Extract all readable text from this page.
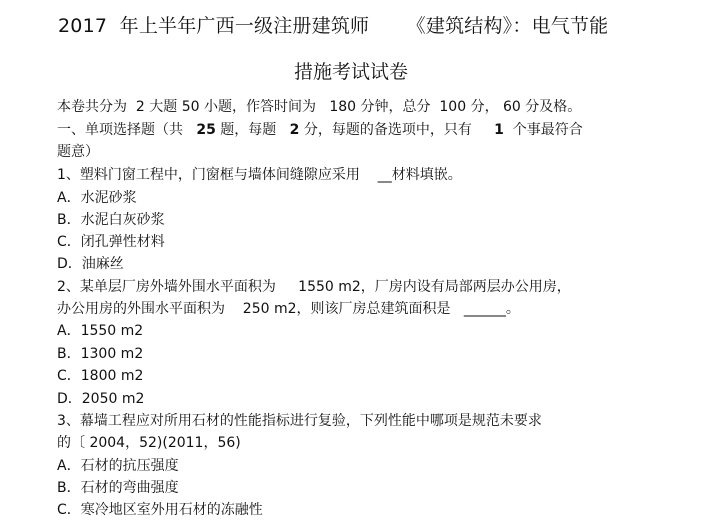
2017  年上半年广西一级注册建筑师      《建筑结构》：电气节能
措施考试试卷
本卷共分为  2 大题 50 小题，作答时间为   180 分钟，总分  100 分， 60 分及格。
一、单项选择题（共   25 题，每题   2 分，每题的备选项中，只有     1  个事最符合
题意）
1、塑料门窗工程中，门窗框与墙体间缝隙应采用    __材料填嵌。
A．水泥砂浆
B．水泥白灰砂浆
C．闭孔弹性材料
D．油麻丝
2、某单层厂房外墙外围水平面积为     1550 m2，厂房内设有局部两层办公用房，
办公用房的外围水平面积为    250 m2，则该厂房总建筑面积是   ______。
A．1550 m2
B．1300 m2
C．1800 m2
D．2050 m2
3、幕墙工程应对所用石材的性能指标进行复验，下列性能中哪项是规范未要求
的〔 2004，52)(2011，56)
A．石材的抗压强度
B．石材的弯曲强度
C．寒冷地区室外用石材的冻融性
